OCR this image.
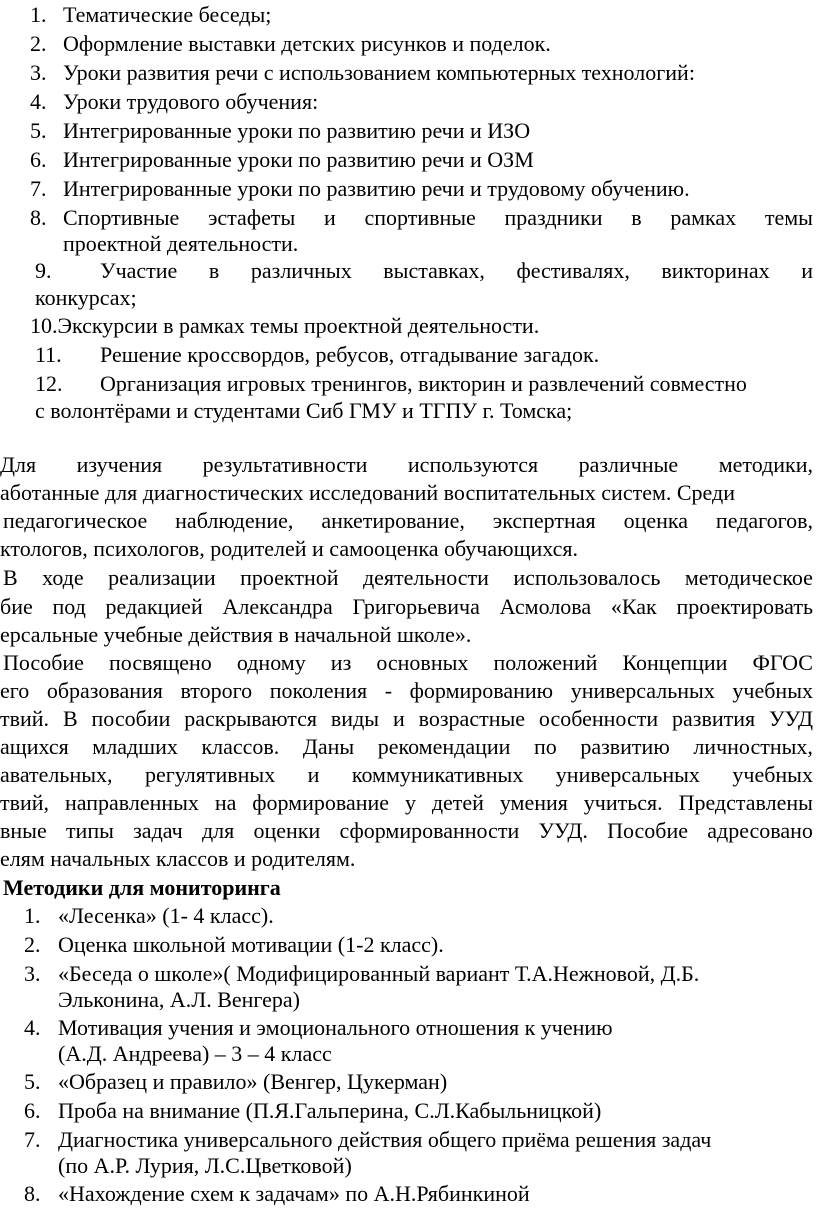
1. Тематические беседы;
2. Оформление выставки детских рисунков и поделок.
3. Уроки развития речи с использованием компьютерных технологий:
4. Уроки трудового обучения:
5. Интегрированные уроки по развитию речи и ИЗО
6. Интегрированные уроки по развитию речи и ОЗМ
7. Интегрированные уроки по развитию речи и трудовому обучению.
8. Спортивные эстафеты и спортивные праздники в рамках темы
проектной деятельности.
9. Участие в различных выставках, фестивалях, викторинах и
конкурсах;
10.Экскурсии в рамках темы проектной деятельности.
11. Решение кроссвордов, ребусов, отгадывание загадок.
12. Организация игровых тренингов, викторин и развлечений совместно
с волонтёрами и студентами Сиб ГМУ и ТГПУ г. Томска;
Для изучения результативности используются различные методики,
аботанные для диагностических исследований воспитательных систем. Среди
педагогическое наблюдение, анкетирование, экспертная оценка педагогов,
ктологов, психологов, родителей и самооценка обучающихся.
В ходе реализации проектной деятельности использовалось методическое
бие под редакцией Александра Григорьевича Асмолова «Как проектировать
ерсальные учебные действия в начальной школе».
Пособие посвящено одному из основных положений Концепции ФГОС
его образования второго поколения - формированию универсальных учебных
твий. В пособии раскрываются виды и возрастные особенности развития УУД
ащихся младших классов. Даны рекомендации по развитию личностных,
авательных, регулятивных и коммуникативных универсальных учебных
твий, направленных на формирование у детей умения учиться. Представлены
вные типы задач для оценки сформированности УУД. Пособие адресовано
елям начальных классов и родителям.
Методики для мониторинга
1. «Лесенка» (1- 4 класс).
2. Оценка школьной мотивации (1-2 класс).
3. «Беседа о школе»( Модифицированный вариант Т.А.Нежновой, Д.Б.
Эльконина, А.Л. Венгера)
4. Мотивация учения и эмоционального отношения к учению
(А.Д. Андреева) – 3 – 4 класс
5. «Образец и правило» (Венгер, Цукерман)
6. Проба на внимание (П.Я.Гальперина, С.Л.Кабыльницкой)
7. Диагностика универсального действия общего приёма решения задач
(по А.Р. Лурия, Л.С.Цветковой)
8. «Нахождение схем к задачам» по А.Н.Рябинкиной
